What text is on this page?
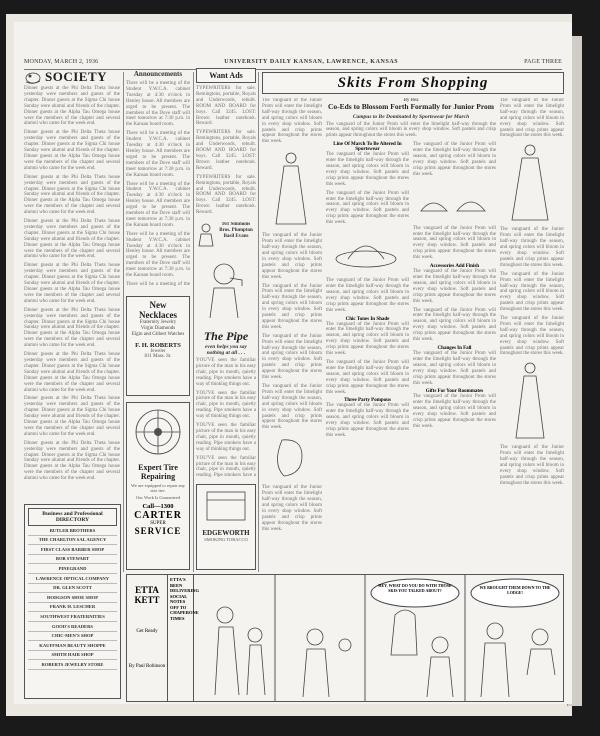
MONDAY, MARCH 2, 1936	UNIVERSITY DAILY KANSAN, LAWRENCE, KANSAS	PAGE THREE
SOCIETY

Dinner guests at the Phi Delta Theta house yesterday were members and guests of the chapter. Dinner guests at the Sigma Chi house Sunday were alumni and friends of the chapter. Dinner guests at the Alpha Tau Omega house were the members of the chapter and several alumni who came for the week end.

Dinner guests at the Phi Delta Theta house yesterday were members and guests of the chapter. Dinner guests at the Sigma Chi house Sunday were alumni and friends of the chapter. Dinner guests at the Alpha Tau Omega house were the members of the chapter and several alumni who came for the week end.

Dinner guests at the Phi Delta Theta house yesterday were members and guests of the chapter. Dinner guests at the Sigma Chi house Sunday were alumni and friends of the chapter. Dinner guests at the Alpha Tau Omega house were the members of the chapter and several alumni who came for the week end.

Dinner guests at the Phi Delta Theta house yesterday were members and guests of the chapter. Dinner guests at the Sigma Chi house Sunday were alumni and friends of the chapter. Dinner guests at the Alpha Tau Omega house were the members of the chapter and several alumni who came for the week end.

Dinner guests at the Phi Delta Theta house yesterday were members and guests of the chapter. Dinner guests at the Sigma Chi house Sunday were alumni and friends of the chapter. Dinner guests at the Alpha Tau Omega house were the members of the chapter and several alumni who came for the week end.

Dinner guests at the Phi Delta Theta house yesterday were members and guests of the chapter. Dinner guests at the Sigma Chi house Sunday were alumni and friends of the chapter. Dinner guests at the Alpha Tau Omega house were the members of the chapter and several alumni who came for the week end.

Dinner guests at the Phi Delta Theta house yesterday were members and guests of the chapter. Dinner guests at the Sigma Chi house Sunday were alumni and friends of the chapter. Dinner guests at the Alpha Tau Omega house were the members of the chapter and several alumni who came for the week end.

Dinner guests at the Phi Delta Theta house yesterday were members and guests of the chapter. Dinner guests at the Sigma Chi house Sunday were alumni and friends of the chapter. Dinner guests at the Alpha Tau Omega house were the members of the chapter and several alumni who came for the week end.

Dinner guests at the Phi Delta Theta house yesterday were members and guests of the chapter. Dinner guests at the Sigma Chi house Sunday were alumni and friends of the chapter. Dinner guests at the Alpha Tau Omega house were the members of the chapter and several alumni who came for the week end.

Business and Professional DIRECTORY
BUTLER BROTHERS
THE CHARLTON SAL AGENCY
FIRST CLASS BARBER SHOP
BOB STEWART
PINEGRAND
LAWRENCE OPTICAL COMPANY
DR. GLEN SCOTT
HODGSON SHOE SHOP
FRANK H. LESCHER
SOUTHWEST FRATERNITIES
GOOD'S READERS
CHIC-MEN'S SHOP
KAUFFMAN BEAUTY SHOPPE
SMITH HAIR SHOP
ROBERTS JEWELRY STORE
Announcements

There will be a meeting of the Student Y.W.C.A. cabinet Tuesday at 4:30 o'clock in Henley house. All members are urged to be present. The members of the Dove staff will meet tomorrow at 7:30 p.m. in the Kansan board room.

There will be a meeting of the Student Y.W.C.A. cabinet Tuesday at 4:30 o'clock in Henley house. All members are urged to be present. The members of the Dove staff will meet tomorrow at 7:30 p.m. in the Kansan board room.

There will be a meeting of the Student Y.W.C.A. cabinet Tuesday at 4:30 o'clock in Henley house. All members are urged to be present. The members of the Dove staff will meet tomorrow at 7:30 p.m. in the Kansan board room.

There will be a meeting of the Student Y.W.C.A. cabinet Tuesday at 4:30 o'clock in Henley house. All members are urged to be present. The members of the Dove staff will meet tomorrow at 7:30 p.m. in the Kansan board room.

There will be a meeting of the

New Necklaces
Fraternity Jewelry
Virgin Diamonds
Elgin and Gilbert Watches
F. H. ROBERTS
Jeweler
811 Mass. St.
Expert Tire Repairing
We are equipped to repair any size tire.
Our Work Is Guaranteed
Call—1300
CARTER
SUPER
SERVICE
Want Ads

TYPEWRITERS for sale. Remingtons, portable, Royals and Underwoods, rebuilt. ROOM AND BOARD for boys. Call 3245. LOST: Brown leather notebook. Reward.

TYPEWRITERS for sale. Remingtons, portable, Royals and Underwoods, rebuilt. ROOM AND BOARD for boys. Call 3245. LOST: Brown leather notebook. Reward.

TYPEWRITERS for sale. Remingtons, portable, Royals and Underwoods, rebuilt. ROOM AND BOARD for boys. Call 3245. LOST: Brown leather notebook. Reward.

161 Simmons Bros. Plumpton Basil Evans
The Pipe
even helps you say nothing at all . . .

YOU'VE seen the familiar picture of the man in his easy chair, pipe in mouth, quietly reading. Pipe smokers have a way of thinking things out.

YOU'VE seen the familiar picture of the man in his easy chair, pipe in mouth, quietly reading. Pipe smokers have a way of thinking things out.

YOU'VE seen the familiar picture of the man in his easy chair, pipe in mouth, quietly reading. Pipe smokers have a way of thinking things out.

YOU'VE seen the familiar picture of the man in his easy chair, pipe in mouth, quietly reading. Pipe smokers have a

EDGEWORTH
SMOKING TOBACCO
Skits From Shopping

The vanguard of the Junior Prom will enter the limelight half-way through the season, and spring colors will bloom in every shop window. Soft pastels and crisp prints appear throughout the stores this week.

The vanguard of the Junior Prom will enter the limelight half-way through the season, and spring colors will bloom in every shop window. Soft pastels and crisp prints appear throughout the stores this week.

The vanguard of the Junior Prom will enter the limelight half-way through the season, and spring colors will bloom in every shop window. Soft pastels and crisp prints appear throughout the stores this week.

The vanguard of the Junior Prom will enter the limelight half-way through the season, and spring colors will bloom in every shop window. Soft pastels and crisp prints appear throughout the stores this week.

The vanguard of the Junior Prom will enter the limelight half-way through the season, and spring colors will bloom in every shop window. Soft pastels and crisp prints appear throughout the stores this week.

The vanguard of the Junior Prom will enter the limelight half-way through the season, and spring colors will bloom in every shop window. Soft pastels and crisp prints appear throughout the stores this week.

By Bea
Co-Eds to Blossom Forth Formally for Junior Prom
Campus to Be Dominated by Sportswear for March

The vanguard of the Junior Prom will enter the limelight half-way through the season, and spring colors will bloom in every shop window. Soft pastels and crisp prints appear throughout the stores this week.

Line Of March To Be Altered In Sportswear

The vanguard of the Junior Prom will enter the limelight half-way through the season, and spring colors will bloom in every shop window. Soft pastels and crisp prints appear throughout the stores this week.

The vanguard of the Junior Prom will enter the limelight half-way through the season, and spring colors will bloom in every shop window. Soft pastels and crisp prints appear throughout the stores this week.

The vanguard of the Junior Prom will enter the limelight half-way through the season, and spring colors will bloom in every shop window. Soft pastels and crisp prints appear throughout the stores this week.

Chic Tones In Shade

The vanguard of the Junior Prom will enter the limelight half-way through the season, and spring colors will bloom in every shop window. Soft pastels and crisp prints appear throughout the stores this week.

The vanguard of the Junior Prom will enter the limelight half-way through the season, and spring colors will bloom in every shop window. Soft pastels and crisp prints appear throughout the stores this week.

Three Party Pompous

The vanguard of the Junior Prom will enter the limelight half-way through the season, and spring colors will bloom in every shop window. Soft pastels and crisp prints appear throughout the stores this week.

The vanguard of the Junior Prom will enter the limelight half-way through the season, and spring colors will bloom in every shop window. Soft pastels and crisp prints appear throughout the stores this week.

The vanguard of the Junior Prom will enter the limelight half-way through the season, and spring colors will bloom in every shop window. Soft pastels and crisp prints appear throughout the stores this week.

Accessories Add Finish

The vanguard of the Junior Prom will enter the limelight half-way through the season, and spring colors will bloom in every shop window. Soft pastels and crisp prints appear throughout the stores this week.

The vanguard of the Junior Prom will enter the limelight half-way through the season, and spring colors will bloom in every shop window. Soft pastels and crisp prints appear throughout the stores this week.

Changes In Fall

The vanguard of the Junior Prom will enter the limelight half-way through the season, and spring colors will bloom in every shop window. Soft pastels and crisp prints appear throughout the stores this week.

Gifts For Your Roommates

The vanguard of the Junior Prom will enter the limelight half-way through the season, and spring colors will bloom in every shop window. Soft pastels and crisp prints appear throughout the stores this week.

The vanguard of the Junior Prom will enter the limelight half-way through the season, and spring colors will bloom in every shop window. Soft pastels and crisp prints appear throughout the stores this week.

The vanguard of the Junior Prom will enter the limelight half-way through the season, and spring colors will bloom in every shop window. Soft pastels and crisp prints appear throughout the stores this week.

The vanguard of the Junior Prom will enter the limelight half-way through the season, and spring colors will bloom in every shop window. Soft pastels and crisp prints appear throughout the stores this week.

The vanguard of the Junior Prom will enter the limelight half-way through the season, and spring colors will bloom in every shop window. Soft pastels and crisp prints appear throughout the stores this week.

The vanguard of the Junior Prom will enter the limelight half-way through the season, and spring colors will bloom in every shop window. Soft pastels and crisp prints appear throughout the stores this week.

ETTA KETT
Get Ready
By Paul Robinson
ETTA'S BEEN DELIVERING SOCIAL NOTES OFF TO CHAPERONE TIMES
HEY, WHAT DO YOU DO WITH THOSE SKIS YOU TALKED ABOUT?
WE BROUGHT THEM DOWN TO THE LODGE!
